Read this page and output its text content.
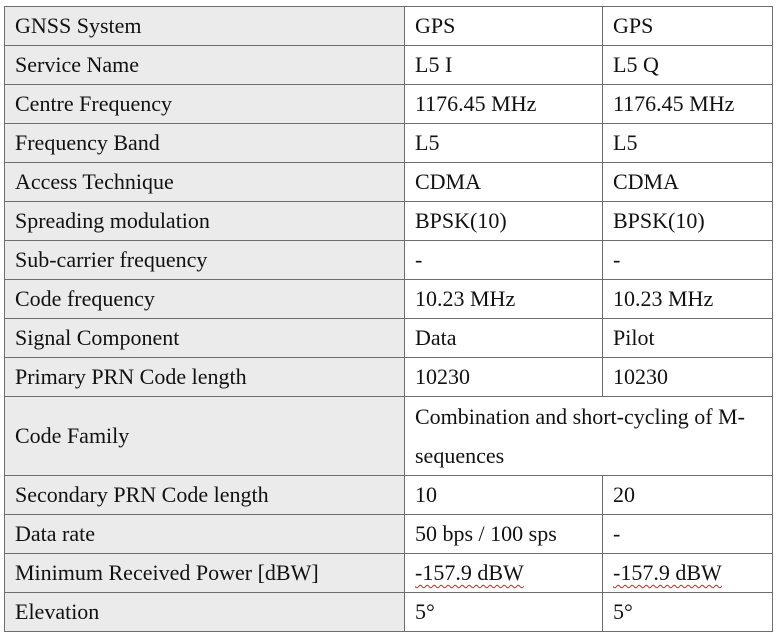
GNSS System	GPS	GPS
Service Name	L5 I	L5 Q
Centre Frequency	1176.45 MHz	1176.45 MHz
Frequency Band	L5	L5
Access Technique	CDMA	CDMA
Spreading modulation	BPSK(10)	BPSK(10)
Sub-carrier frequency	-	-
Code frequency	10.23 MHz	10.23 MHz
Signal Component	Data	Pilot
Primary PRN Code length	10230	10230
Code Family	Combination and short-cycling of M-sequences	
Secondary PRN Code length	10	20
Data rate	50 bps / 100 sps	-
Minimum Received Power [dBW]	-157.9 dBW	-157.9 dBW
Elevation	5°	5°
